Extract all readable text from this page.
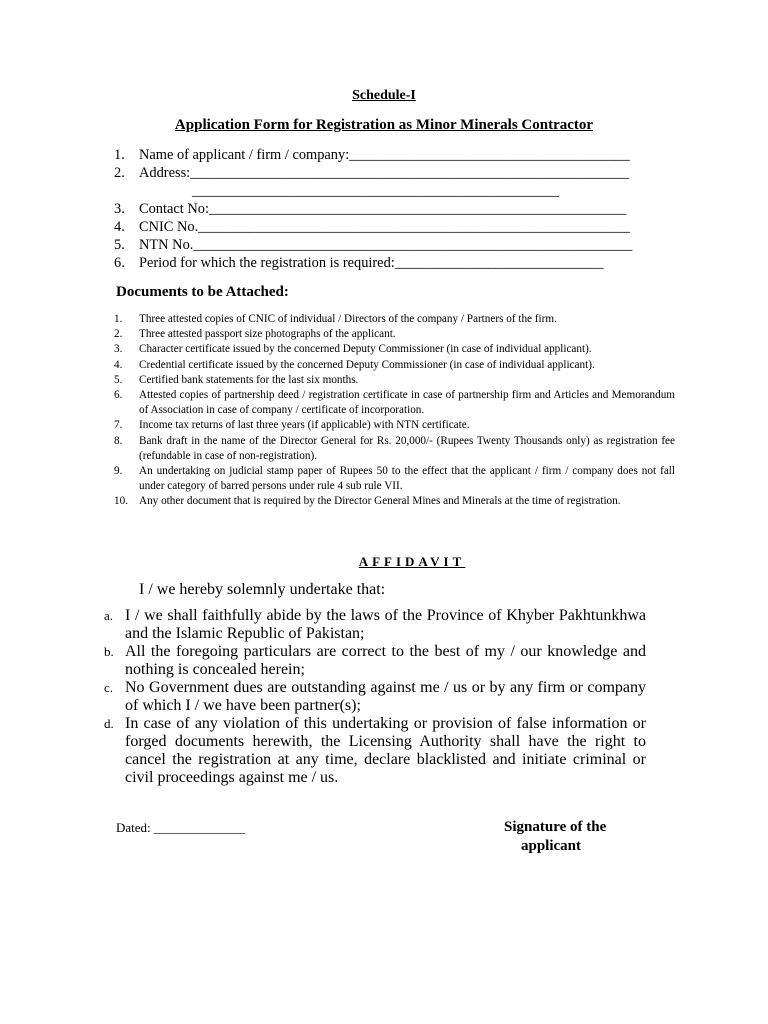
Schedule-I
Application Form for Registration as Minor Minerals Contractor
1. Name of applicant / firm / company:_______________________________________
2. Address:_____________________________________________________________
___________________________________________________
3. Contact No:__________________________________________________________
4. CNIC No.____________________________________________________________
5. NTN No._____________________________________________________________
6. Period for which the registration is required:_____________________________
Documents to be Attached:
1.	Three attested copies of CNIC of individual / Directors of the company / Partners of the firm.
2.	Three attested passport size photographs of the applicant.
3.	Character certificate issued by the concerned Deputy Commissioner (in case of individual applicant).
4.	Credential certificate issued by the concerned Deputy Commissioner (in case of individual applicant).
5.	Certified bank statements for the last six months.
6.	Attested copies of partnership deed / registration certificate in case of partnership firm and Articles and Memorandum of Association in case of company / certificate of incorporation.
7.	Income tax returns of last three years (if applicable) with NTN certificate.
8.	Bank draft in the name of the Director General for Rs. 20,000/- (Rupees Twenty Thousands only) as registration fee (refundable in case of non-registration).
9.	An undertaking on judicial stamp paper of Rupees 50 to the effect that the applicant / firm / company does not fall under category of barred persons under rule 4 sub rule VII.
10. Any other document that is required by the Director General Mines and Minerals at the time of registration.
AFFIDAVIT
I / we hereby solemnly undertake that:
a. I / we shall faithfully abide by the laws of the Province of Khyber Pakhtunkhwa and the Islamic Republic of Pakistan;
b. All the foregoing particulars are correct to the best of my / our knowledge and nothing is concealed herein;
c. No Government dues are outstanding against me / us or by any firm or company of which I / we have been partner(s);
d. In case of any violation of this undertaking or provision of false information or forged documents herewith, the Licensing Authority shall have the right to cancel the registration at any time, declare blacklisted and initiate criminal or civil proceedings against me / us.
Dated: ______________	Signature of the
applicant
